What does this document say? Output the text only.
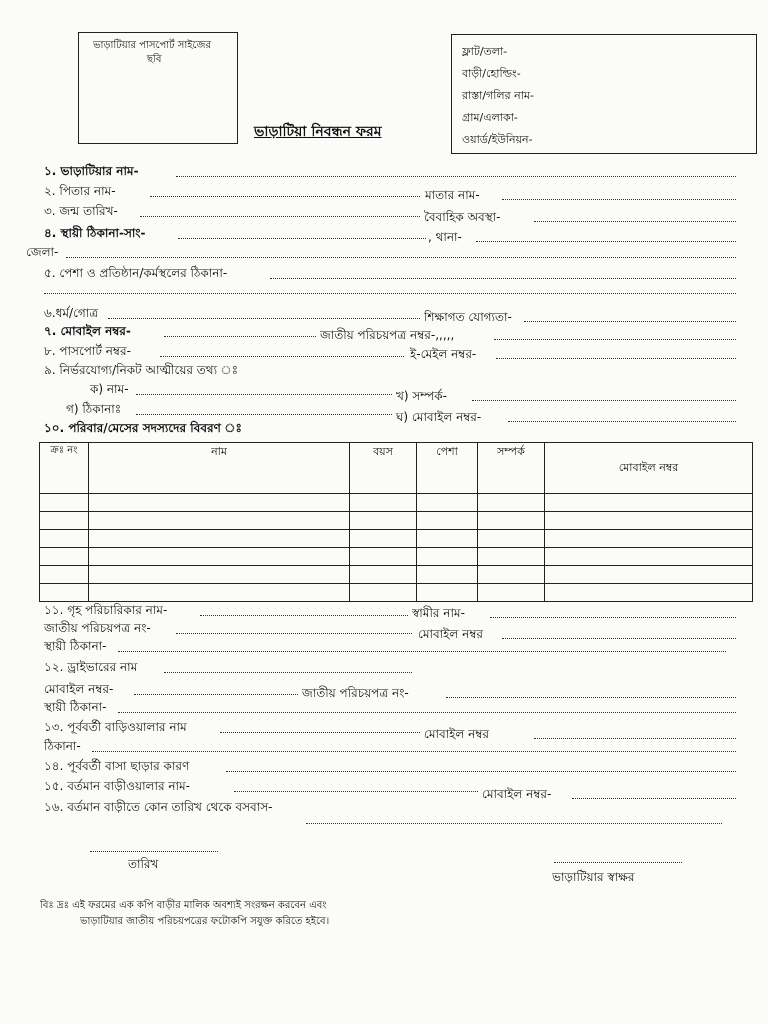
ভাড়াটিয়ার পাসপোর্ট সাইজের
ছবি
ফ্লাট/তলা-
বাড়ী/হোল্ডিং-
রাস্তা/গলির নাম-
গ্রাম/এলাকা-
ওয়ার্ড/ইউনিয়ন-
ভাড়াটিয়া নিবন্ধন ফরম
১. ভাড়াটিয়ার নাম-
২. পিতার নাম-	মাতার নাম-
৩. জন্ম তারিখ-	বৈবাহিক অবস্থা-
৪. স্থায়ী ঠিকানা-সাং-	, থানা-
জেলা-
৫. পেশা ও প্রতিষ্ঠান/কর্মস্থলের ঠিকানা-
৬.ধর্ম/গোত্র	শিক্ষাগত যোগ্যতা-
৭. মোবাইল নম্বর-	জাতীয় পরিচয়পত্র নম্বর-,,,,,
৮. পাসপোর্ট নম্বর-	ই-মেইল নম্বর-
৯. নির্ভরযোগ্য/নিকট আত্মীয়ের তথ্য ঃ
ক) নাম-	খ) সম্পর্ক-
গ) ঠিকানাঃ
ঘ) মোবাইল নম্বর-
১০. পরিবার/মেসের সদস্যদের বিবরণ ঃ
ক্রঃ নং	নাম	বয়স	পেশা	সম্পর্ক	মোবাইল নম্বর

১১. গৃহ পরিচারিকার নাম-	স্বামীর নাম-
জাতীয় পরিচয়পত্র নং-	মোবাইল নম্বর
স্থায়ী ঠিকানা-
১২. ড্রাইভারের নাম
মোবাইল নম্বর-	জাতীয় পরিচয়পত্র নং-
স্থায়ী ঠিকানা-
১৩. পূর্ববর্তী বাড়িওয়ালার নাম	মোবাইল নম্বর
ঠিকানা-
১৪. পূর্ববর্তী বাসা ছাড়ার কারণ
১৫. বর্তমান বাড়ীওয়ালার নাম-
মোবাইল নম্বর-
১৬. বর্তমান বাড়ীতে কোন তারিখ থেকে বসবাস-
তারিখ
ভাড়াটিয়ার স্বাক্ষর
বিঃ দ্রঃ এই ফরমের এক কপি বাড়ীর মালিক অবশ্যই সংরক্ষন করবেন এবং
ভাড়াটিয়ার জাতীয় পরিচয়পত্রের ফটোকপি সযুক্ত করিতে হইবে।
